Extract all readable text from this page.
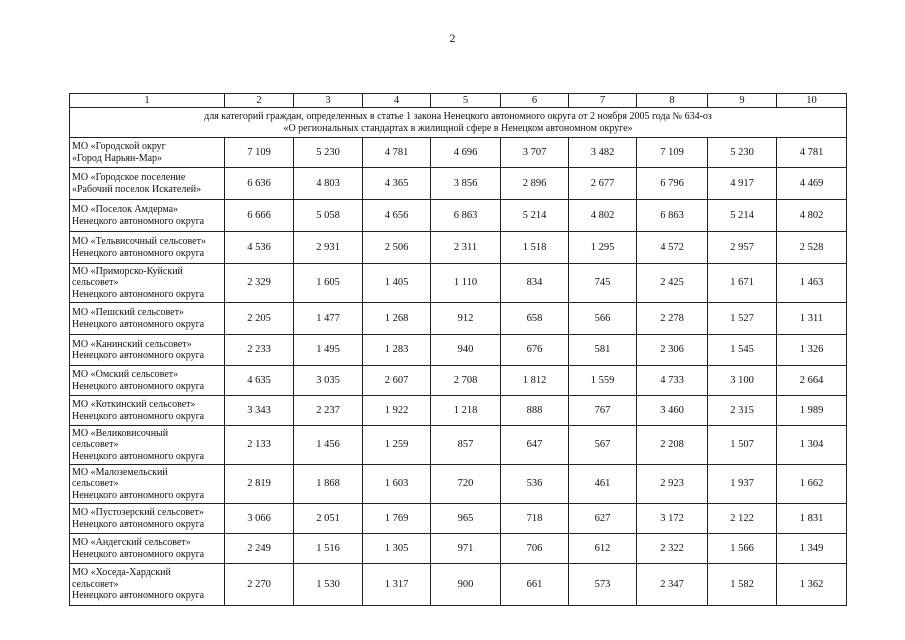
2
1	2	3	4	5	6	7	8	9	10

для категорий граждан, определенных в статье 1 закона Ненецкого автономного округа от 2 ноября 2005 года № 634-оз
«О региональных стандартах в жилищной сфере в Ненецком автономном округе»									

МО «Городской округ
«Город Нарьян-Мар»	7 109	5 230	4 781	4 696	3 707	3 482	7 109	5 230	4 781

МО «Городское поселение
«Рабочий поселок Искателей»	6 636	4 803	4 365	3 856	2 896	2 677	6 796	4 917	4 469

МО «Поселок Амдерма»
Ненецкого автономного округа	6 666	5 058	4 656	6 863	5 214	4 802	6 863	5 214	4 802

МО «Тельвисочный сельсовет»
Ненецкого автономного округа	4 536	2 931	2 506	2 311	1 518	1 295	4 572	2 957	2 528

МО «Приморско-Куйский
сельсовет»
Ненецкого автономного округа	2 329	1 605	1 405	1 110	834	745	2 425	1 671	1 463

МО «Пешский сельсовет»
Ненецкого автономного округа	2 205	1 477	1 268	912	658	566	2 278	1 527	1 311

МО «Канинский сельсовет»
Ненецкого автономного округа	2 233	1 495	1 283	940	676	581	2 306	1 545	1 326

МО «Омский сельсовет»
Ненецкого автономного округа	4 635	3 035	2 607	2 708	1 812	1 559	4 733	3 100	2 664

МО «Коткинский сельсовет»
Ненецкого автономного округа	3 343	2 237	1 922	1 218	888	767	3 460	2 315	1 989

МО «Великовисочный
сельсовет»
Ненецкого автономного округа	2 133	1 456	1 259	857	647	567	2 208	1 507	1 304

МО «Малоземельский
сельсовет»
Ненецкого автономного округа	2 819	1 868	1 603	720	536	461	2 923	1 937	1 662

МО «Пустозерский сельсовет»
Ненецкого автономного округа	3 066	2 051	1 769	965	718	627	3 172	2 122	1 831

МО «Андегский сельсовет»
Ненецкого автономного округа	2 249	1 516	1 305	971	706	612	2 322	1 566	1 349

МО «Хоседа-Хардский
сельсовет»
Ненецкого автономного округа	2 270	1 530	1 317	900	661	573	2 347	1 582	1 362
